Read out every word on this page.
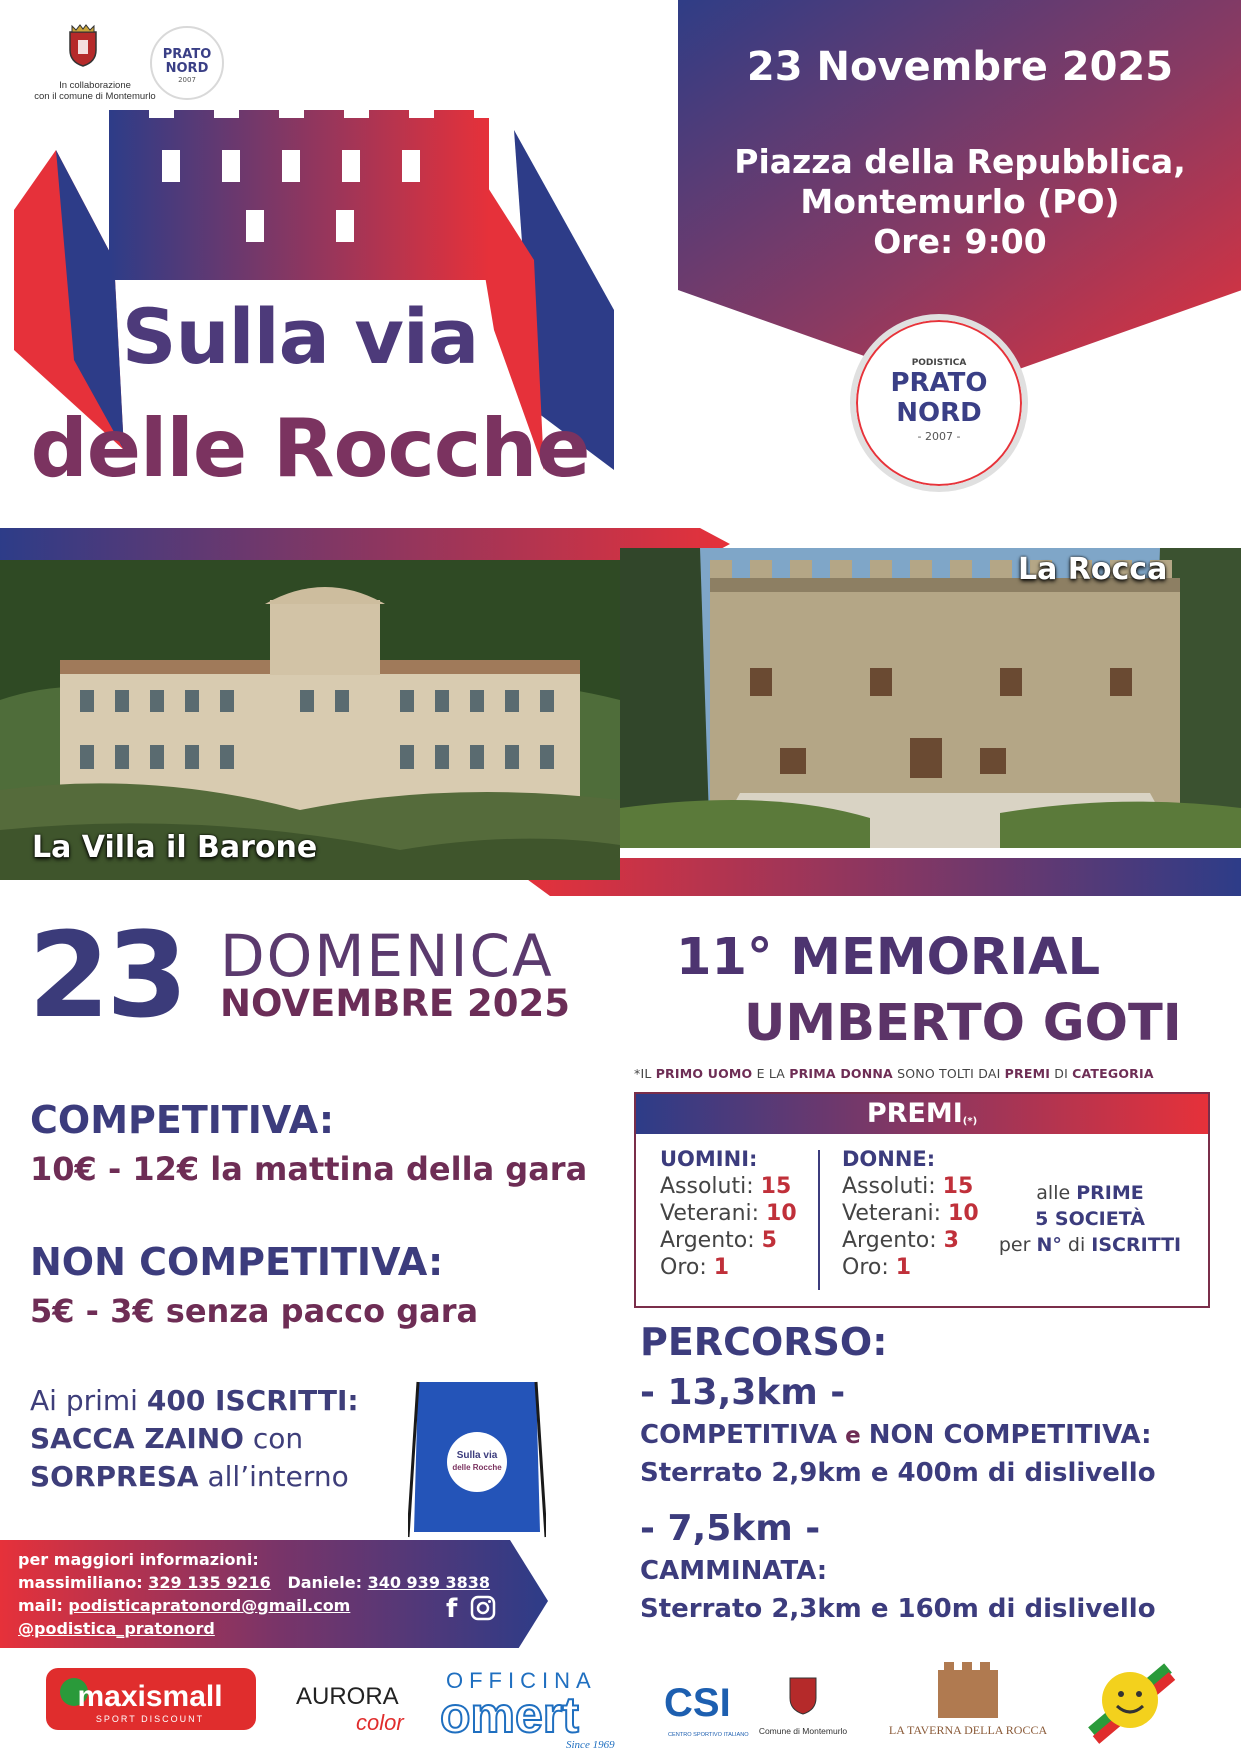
In collaborazione
con il comune di Montemurlo
PRATO
NORD
2007
Sulla via
delle Rocche
23 Novembre 2025
Piazza della Repubblica,
Montemurlo (PO)
Ore: 9:00
PODISTICA
PRATO
NORD
- 2007 -
La Villa il Barone
La Rocca
23 DOMENICA
NOVEMBRE 2025
11° MEMORIAL
UMBERTO GOTI
COMPETITIVA:
10€ - 12€ la mattina della gara
NON COMPETITIVA:
5€ - 3€ senza pacco gara
Ai primi 400 ISCRITTI:
SACCA ZAINO con
SORPRESA all’interno
Sulla via
delle Rocche
per maggiori informazioni:
massimiliano: 329 135 9216   Daniele: 340 939 3838
mail: podisticapratonord@gmail.com
@podistica_pratonord
f
*IL PRIMO UOMO E LA PRIMA DONNA SONO TOLTI DAI PREMI DI CATEGORIA
PREMI(*)
UOMINI:
Assoluti: 15
Veterani: 10
Argento: 5
Oro: 1
DONNE:
Assoluti: 15
Veterani: 10
Argento: 3
Oro: 1
alle PRIME
5 SOCIETÀ
per N° di ISCRITTI
PERCORSO:
- 13,3km -
COMPETITIVA e NON COMPETITIVA:
Sterrato 2,9km e 400m di dislivello
- 7,5km -
CAMMINATA:
Sterrato 2,3km e 160m di dislivello
maxismall
SPORT DISCOUNT
AURORA
color
OFFICINA
omert
Since 1969
CSI
CENTRO SPORTIVO ITALIANO Comune di Montemurlo	LA TAVERNA DELLA ROCCA
